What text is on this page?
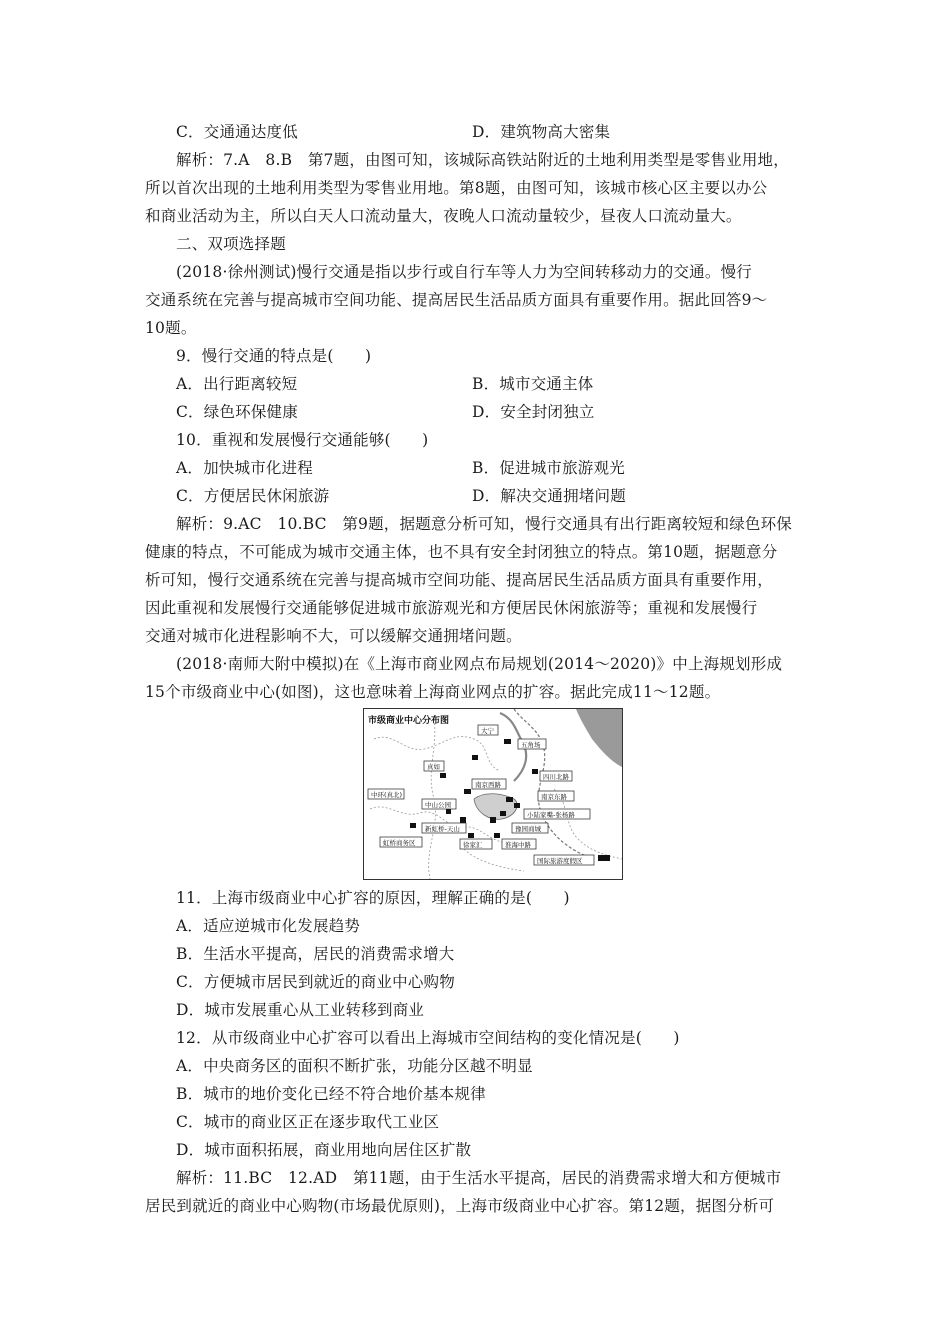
C．交通通达度低	D．建筑物高大密集
解析：7.A　8.B　第7题，由图可知，该城际高铁站附近的土地利用类型是零售业用地，
所以首次出现的土地利用类型为零售业用地。第8题，由图可知，该城市核心区主要以办公
和商业活动为主，所以白天人口流动量大，夜晚人口流动量较少，昼夜人口流动量大。
二、双项选择题
(2018·徐州测试)慢行交通是指以步行或自行车等人力为空间转移动力的交通。慢行
交通系统在完善与提高城市空间功能、提高居民生活品质方面具有重要作用。据此回答9～
10题。
9．慢行交通的特点是(　　)
A．出行距离较短	B．城市交通主体
C．绿色环保健康	D．安全封闭独立
10．重视和发展慢行交通能够(　　)
A．加快城市化进程	B．促进城市旅游观光
C．方便居民休闲旅游	D．解决交通拥堵问题
解析：9.AC　10.BC　第9题，据题意分析可知，慢行交通具有出行距离较短和绿色环保
健康的特点，不可能成为城市交通主体，也不具有安全封闭独立的特点。第10题，据题意分
析可知，慢行交通系统在完善与提高城市空间功能、提高居民生活品质方面具有重要作用，
因此重视和发展慢行交通能够促进城市旅游观光和方便居民休闲旅游等；重视和发展慢行
交通对城市化进程影响不大，可以缓解交通拥堵问题。
(2018·南师大附中模拟)在《上海市商业网点布局规划(2014～2020)》中上海规划形成
15个市级商业中心(如图)，这也意味着上海商业网点的扩容。据此完成11～12题。
市级商业中心分布图
五角场
大宁
真如
四川北路
南京西路
中环(真北)	南京东路
中山公园
小陆家嘴-张杨路
新虹桥-天山	豫园商城
虹桥商务区	徐家汇	淮海中路
国际旅游度假区
11．上海市级商业中心扩容的原因，理解正确的是(　　)
A．适应逆城市化发展趋势
B．生活水平提高，居民的消费需求增大
C．方便城市居民到就近的商业中心购物
D．城市发展重心从工业转移到商业
12．从市级商业中心扩容可以看出上海城市空间结构的变化情况是(　　)
A．中央商务区的面积不断扩张，功能分区越不明显
B．城市的地价变化已经不符合地价基本规律
C．城市的商业区正在逐步取代工业区
D．城市面积拓展，商业用地向居住区扩散
解析：11.BC　12.AD　第11题，由于生活水平提高，居民的消费需求增大和方便城市
居民到就近的商业中心购物(市场最优原则)，上海市级商业中心扩容。第12题，据图分析可
